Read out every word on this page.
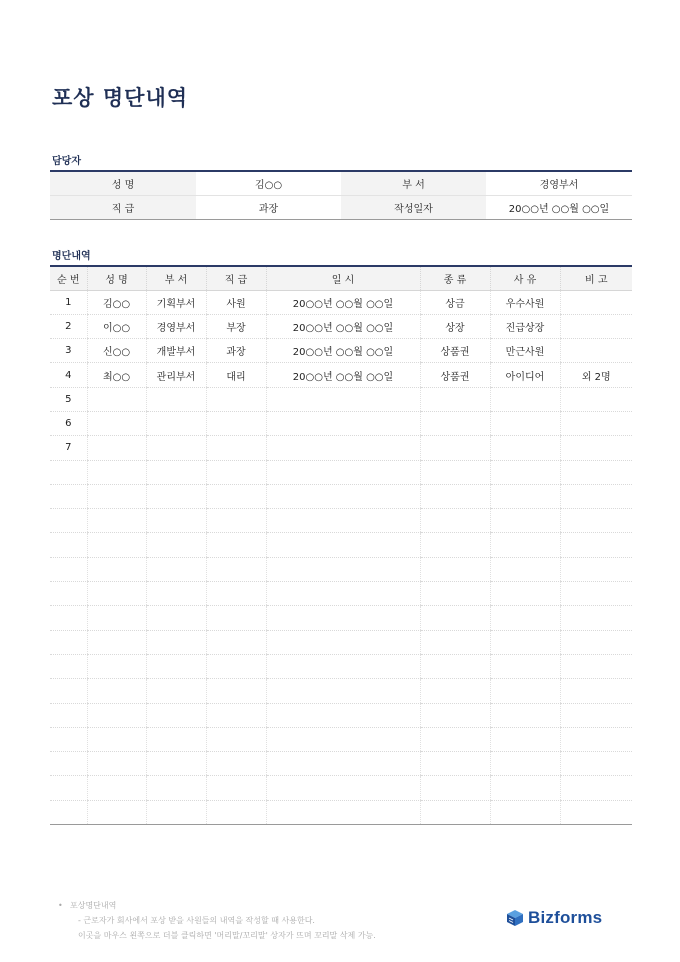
포상 명단내역
담당자
성 명	김○○	부 서	경영부서
직 급	과장	작성일자	20○○년 ○○월 ○○일
명단내역
순 번	성 명	부 서	직 급	일 시	종 류	사 유	비 고
1	김○○	기획부서	사원	20○○년 ○○월 ○○일	상금	우수사원	
2	이○○	경영부서	부장	20○○년 ○○월 ○○일	상장	진급상장	
3	신○○	개발부서	과장	20○○년 ○○월 ○○일	상품권	만근사원	
4	최○○	관리부서	대리	20○○년 ○○월 ○○일	상품권	아이디어	외 2명
5							
6							
7							

• 포상명단내역
- 근로자가 회사에서 포상 받을 사원들의 내역을 작성할 때 사용한다.
이곳을 마우스 왼쪽으로 더블 클릭하면 '머리말/꼬리말' 상자가 뜨며 꼬리말 삭제 가능.
Bizforms
